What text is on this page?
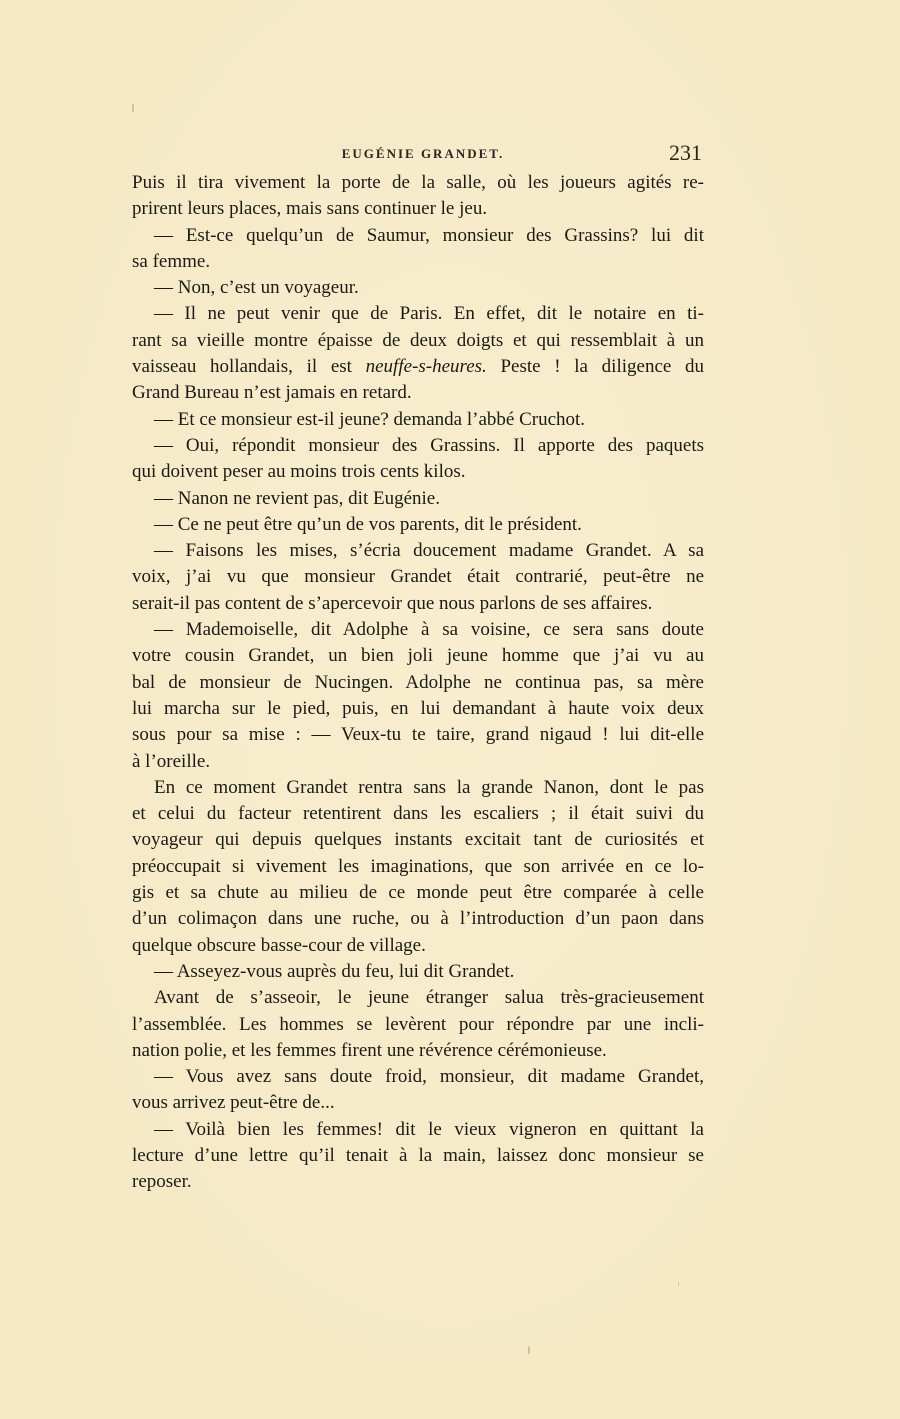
EUGÉNIE GRANDET.	231
Puis il tira vivement la porte de la salle, où les joueurs agités re-
prirent leurs places, mais sans continuer le jeu.
— Est-ce quelqu’un de Saumur, monsieur des Grassins? lui dit
sa femme.
— Non, c’est un voyageur.
— Il ne peut venir que de Paris. En effet, dit le notaire en ti-
rant sa vieille montre épaisse de deux doigts et qui ressemblait à un
vaisseau hollandais, il est neuffe-s-heures. Peste ! la diligence du
Grand Bureau n’est jamais en retard.
— Et ce monsieur est-il jeune? demanda l’abbé Cruchot.
— Oui, répondit monsieur des Grassins. Il apporte des paquets
qui doivent peser au moins trois cents kilos.
— Nanon ne revient pas, dit Eugénie.
— Ce ne peut être qu’un de vos parents, dit le président.
— Faisons les mises, s’écria doucement madame Grandet. A sa
voix, j’ai vu que monsieur Grandet était contrarié, peut-être ne
serait-il pas content de s’apercevoir que nous parlons de ses affaires.
— Mademoiselle, dit Adolphe à sa voisine, ce sera sans doute
votre cousin Grandet, un bien joli jeune homme que j’ai vu au
bal de monsieur de Nucingen. Adolphe ne continua pas, sa mère
lui marcha sur le pied, puis, en lui demandant à haute voix deux
sous pour sa mise : — Veux-tu te taire, grand nigaud ! lui dit-elle
à l’oreille.
En ce moment Grandet rentra sans la grande Nanon, dont le pas
et celui du facteur retentirent dans les escaliers ; il était suivi du
voyageur qui depuis quelques instants excitait tant de curiosités et
préoccupait si vivement les imaginations, que son arrivée en ce lo-
gis et sa chute au milieu de ce monde peut être comparée à celle
d’un colimaçon dans une ruche, ou à l’introduction d’un paon dans
quelque obscure basse-cour de village.
— Asseyez-vous auprès du feu, lui dit Grandet.
Avant de s’asseoir, le jeune étranger salua très-gracieusement
l’assemblée. Les hommes se levèrent pour répondre par une incli-
nation polie, et les femmes firent une révérence cérémonieuse.
— Vous avez sans doute froid, monsieur, dit madame Grandet,
vous arrivez peut-être de...
— Voilà bien les femmes! dit le vieux vigneron en quittant la
lecture d’une lettre qu’il tenait à la main, laissez donc monsieur se
reposer.
